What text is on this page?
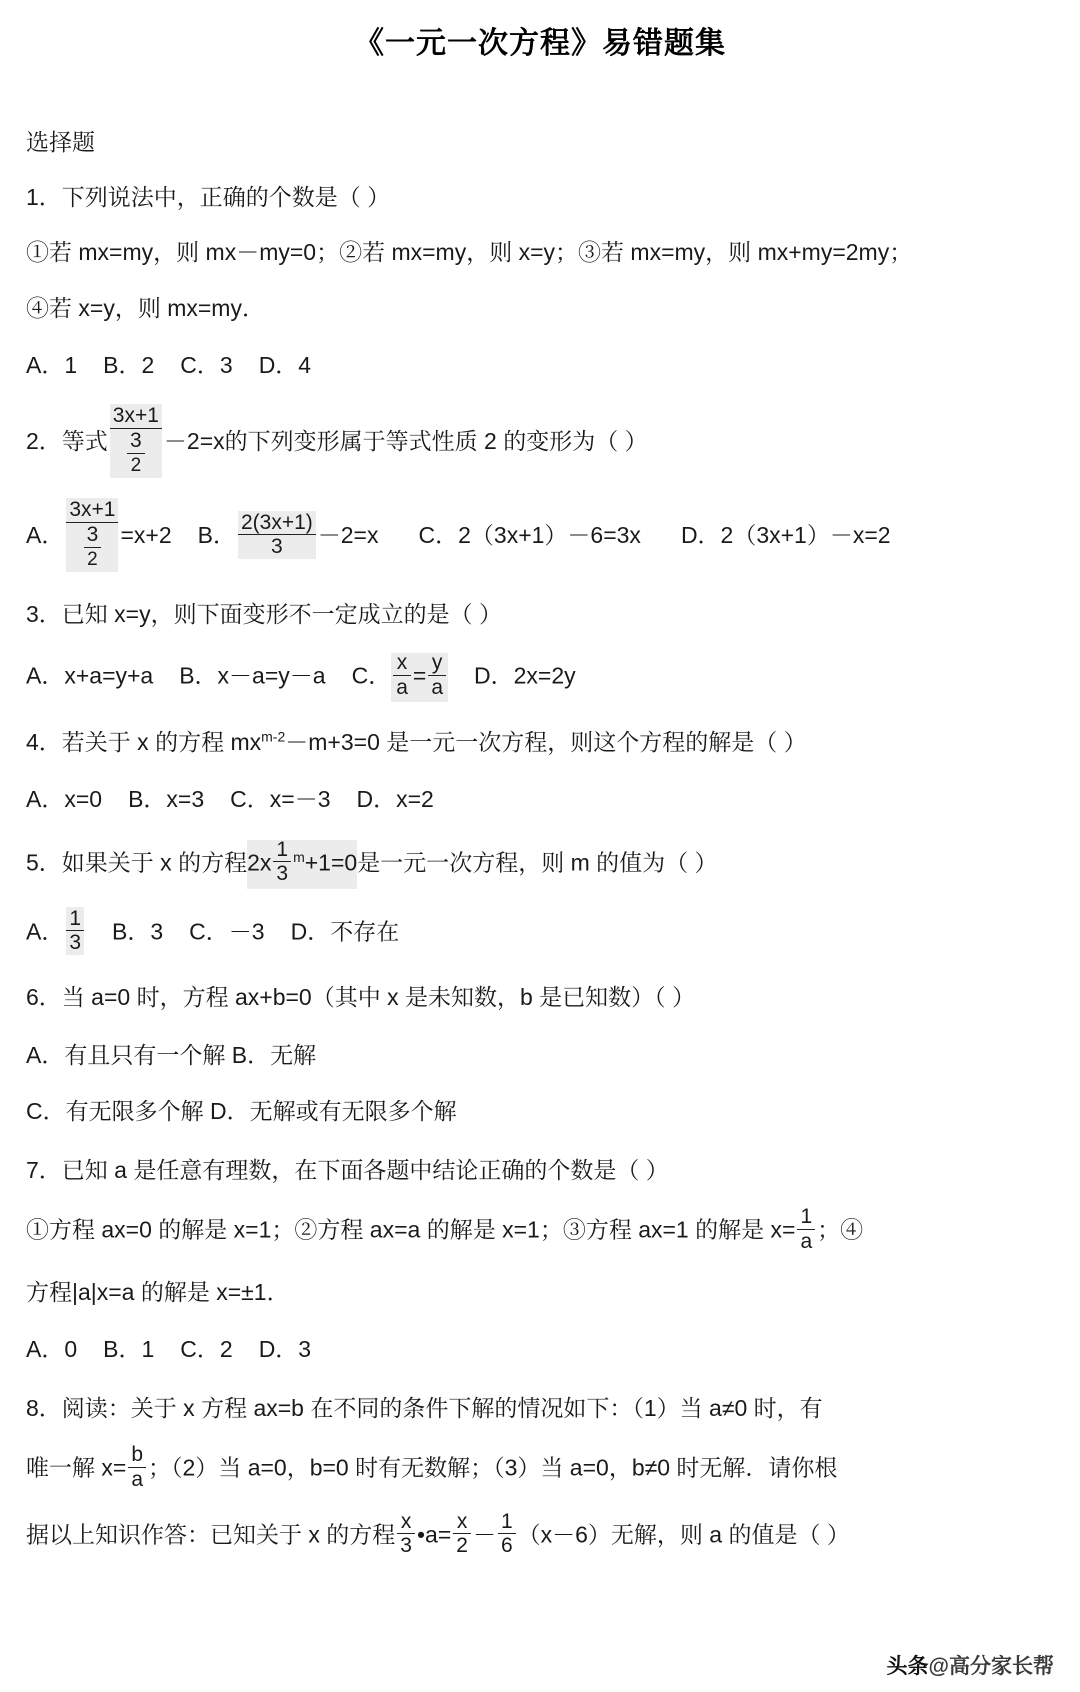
《一元一次方程》易错题集
选择题
1．下列说法中，正确的个数是（ ）
①若 mx=my，则 mx－my=0；②若 mx=my，则 x=y；③若 mx=my，则 mx+my=2my；
④若 x=y，则 mx=my．
A．1 B．2 C．3 D．4
2．等式 $\frac{3x+1}{\frac{3}{2}} -2=x$的下列变形属于等式性质 2 的变形为（ ）
A． $\frac{3x+1}{\frac{3}{2}} =x+2$ B． $\frac{2(3x+1)}{3} -2=x$ C．2（3x+1）－6=3x D．2（3x+1）－x=2
3．已知 x=y，则下面变形不一定成立的是（ ）
A．x+a=y+a B．x－a=y－a C． $\frac{x}{a} = \frac{y}{a}$ D．2x=2y
4．若关于 x 的方程 $mx^{m-2}-m+3=0$ 是一元一次方程，则这个方程的解是（ ）
A．x=0 B．x=3 C．x=－3 D．x=2
5．如果关于 x 的方程$2x \frac{1}{3} ^m+1=0$是一元一次方程，则 m 的值为（ ）
A． $\frac{1}{3}$ B．3 C．－3 D．不存在
6．当 a=0 时，方程 ax+b=0（其中 x 是未知数，b 是已知数）（ ）
A．有且只有一个解 B．无解
C．有无限多个解 D．无解或有无限多个解
7．已知 a 是任意有理数，在下面各题中结论正确的个数是（ ）
①方程 ax=0 的解是 x=1；②方程 ax=a 的解是 x=1；③方程 ax=1 的解是 $x= \frac{1}{a}$ ；④
方程|a|x=a 的解是 x=±1．
A．0 B．1 C．2 D．3
8．阅读：关于 x 方程 ax=b 在不同的条件下解的情况如下：（1）当 a≠0 时，有
唯一解 $x= \frac{b}{a}$ ；（2）当 a=0，b=0 时有无数解；（3）当 a=0，b≠0 时无解．请你根
据以上知识作答：已知关于 x 的方程 $\frac{x}{3}$ •a= $\frac{x}{2} - \frac{1}{6} (x-6)$无解，则 a 的值是（ ）
头条@高分家长帮
